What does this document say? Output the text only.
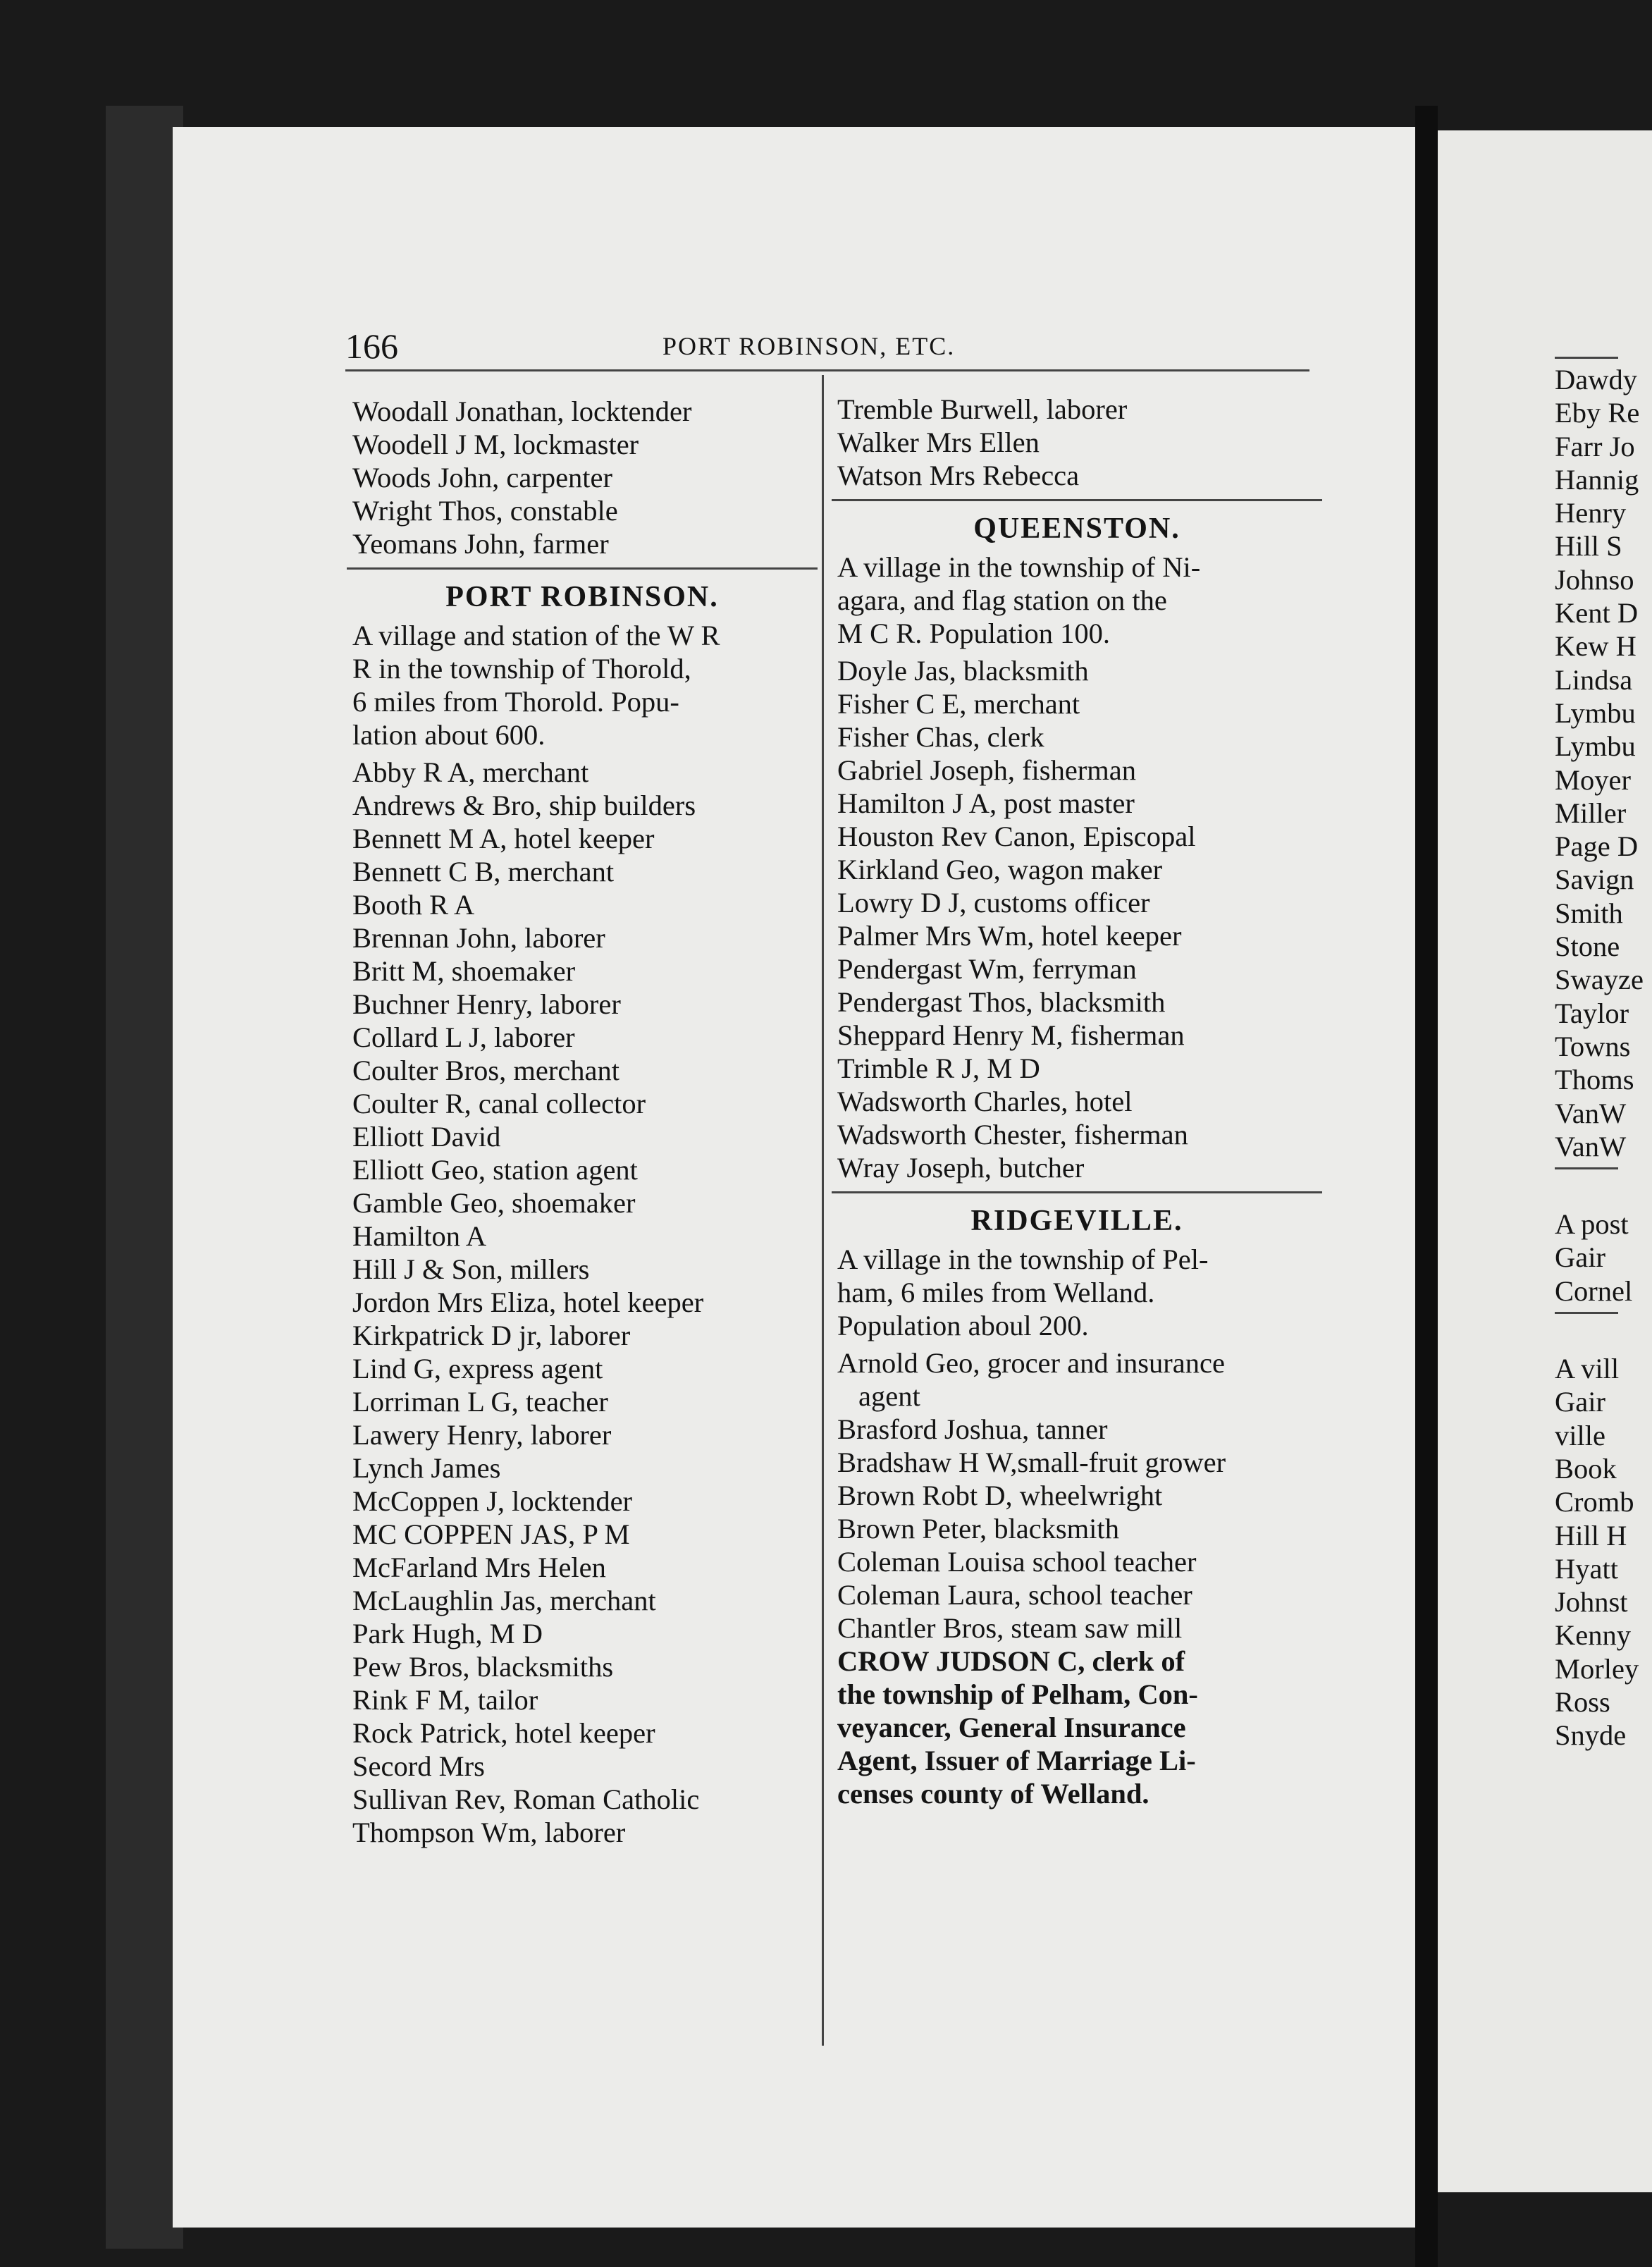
166	PORT ROBINSON, ETC.
Woodall Jonathan, locktender
Woodell J M, lockmaster
Woods John, carpenter
Wright Thos, constable
Yeomans John, farmer
PORT ROBINSON.
A village and station of the W R
R in the township of Thorold,
6 miles from Thorold. Popu-
lation about 600.
Abby R A, merchant
Andrews & Bro, ship builders
Bennett M A, hotel keeper
Bennett C B, merchant
Booth R A
Brennan John, laborer
Britt M, shoemaker
Buchner Henry, laborer
Collard L J, laborer
Coulter Bros, merchant
Coulter R, canal collector
Elliott David
Elliott Geo, station agent
Gamble Geo, shoemaker
Hamilton A
Hill J & Son, millers
Jordon Mrs Eliza, hotel keeper
Kirkpatrick D jr, laborer
Lind G, express agent
Lorriman L G, teacher
Lawery Henry, laborer
Lynch James
McCoppen J, locktender
MC COPPEN JAS, P M
McFarland Mrs Helen
McLaughlin Jas, merchant
Park Hugh, M D
Pew Bros, blacksmiths
Rink F M, tailor
Rock Patrick, hotel keeper
Secord Mrs
Sullivan Rev, Roman Catholic
Thompson Wm, laborer
Tremble Burwell, laborer
Walker Mrs Ellen
Watson Mrs Rebecca
QUEENSTON.
A village in the township of Ni-
agara, and flag station on the
M C R. Population 100.
Doyle Jas, blacksmith
Fisher C E, merchant
Fisher Chas, clerk
Gabriel Joseph, fisherman
Hamilton J A, post master
Houston Rev Canon, Episcopal
Kirkland Geo, wagon maker
Lowry D J, customs officer
Palmer Mrs Wm, hotel keeper
Pendergast Wm, ferryman
Pendergast Thos, blacksmith
Sheppard Henry M, fisherman
Trimble R J, M D
Wadsworth Charles, hotel
Wadsworth Chester, fisherman
Wray Joseph, butcher
RIDGEVILLE.
A village in the township of Pel-
ham, 6 miles from Welland.
Population aboul 200.
Arnold Geo, grocer and insurance
agent
Brasford Joshua, tanner
Bradshaw H W,small-fruit grower
Brown Robt D, wheelwright
Brown Peter, blacksmith
Coleman Louisa school teacher
Coleman Laura, school teacher
Chantler Bros, steam saw mill
CROW JUDSON C, clerk of
the township of Pelham, Con-
veyancer, General Insurance
Agent, Issuer of Marriage Li-
censes county of Welland.
Dawdy
Eby Re
Farr Jo
Hannig
Henry
Hill S
Johnso
Kent D
Kew H
Lindsa
Lymbu
Lymbu
Moyer
Miller
Page D
Savign
Smith
Stone
Swayze
Taylor
Towns
Thoms
VanW
VanW
A post
Gair
Cornel
A vill
Gair
ville
Book
Cromb
Hill H
Hyatt
Johnst
Kenny
Morley
Ross
Snyde
